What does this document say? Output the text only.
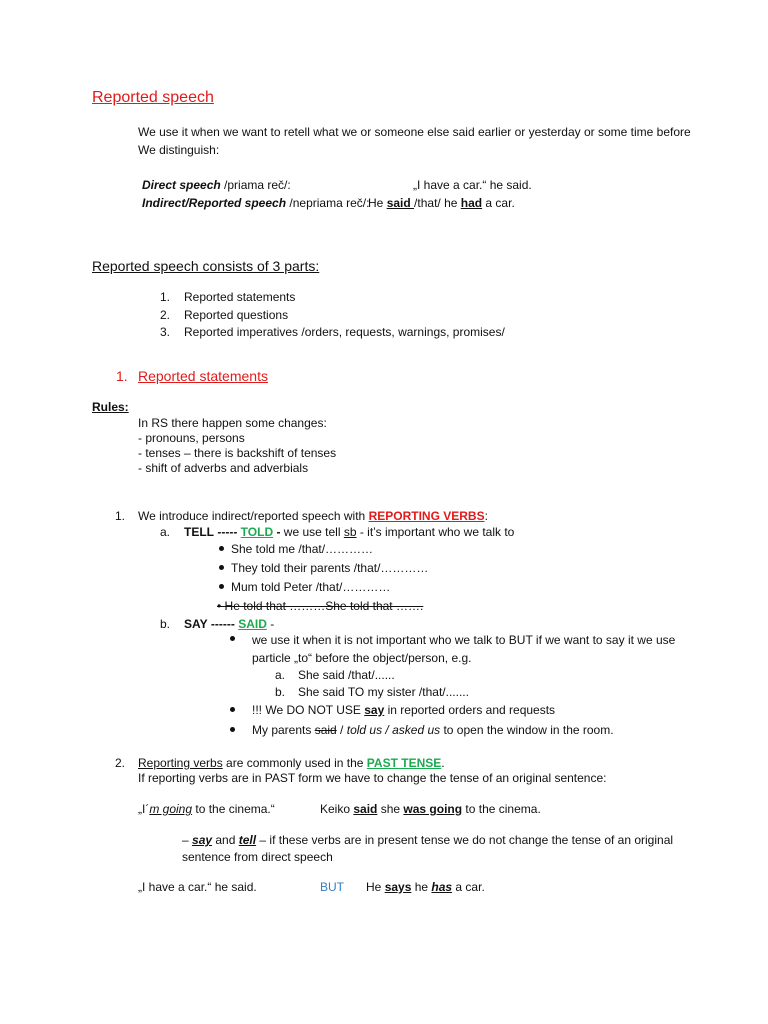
Reported speech
We use it when we want to retell what we or someone else said earlier or yesterday or some time before
We distinguish:
Direct speech /priama reč/:	„I have a car.“ he said.
Indirect/Reported speech /nepriama reč/:
He said /that/ he had a car.
Reported speech consists of 3 parts:
1. Reported statements
2. Reported questions
3. Reported imperatives /orders, requests, warnings, promises/
1. Reported statements
Rules:
In RS there happen some changes:
- pronouns, persons
- tenses – there is backshift of tenses
- shift of adverbs and adverbials
1. We introduce indirect/reported speech with REPORTING VERBS:
a. TELL ----- TOLD - we use tell sb - it’s important who we talk to
She told me /that/…………
They told their parents /that/…………
Mum told Peter /that/…………
• He told that ………She told that …….
b. SAY ------ SAID -
we use it when it is not important who we talk to BUT if we want to say it we use
particle „to“ before the object/person, e.g.
a. She said /that/......
b. She said TO my sister /that/.......
!!! We DO NOT USE say in reported orders and requests
My parents said / told us / asked us to open the window in the room.
2. Reporting verbs are commonly used in the PAST TENSE.
If reporting verbs are in PAST form we have to change the tense of an original sentence:
„I´m going to the cinema.“	Keiko said she was going to the cinema.
– say and tell – if these verbs are in present tense we do not change the tense of an original
sentence from direct speech
„I have a car.“ he said.	BUT He says he has a car.
